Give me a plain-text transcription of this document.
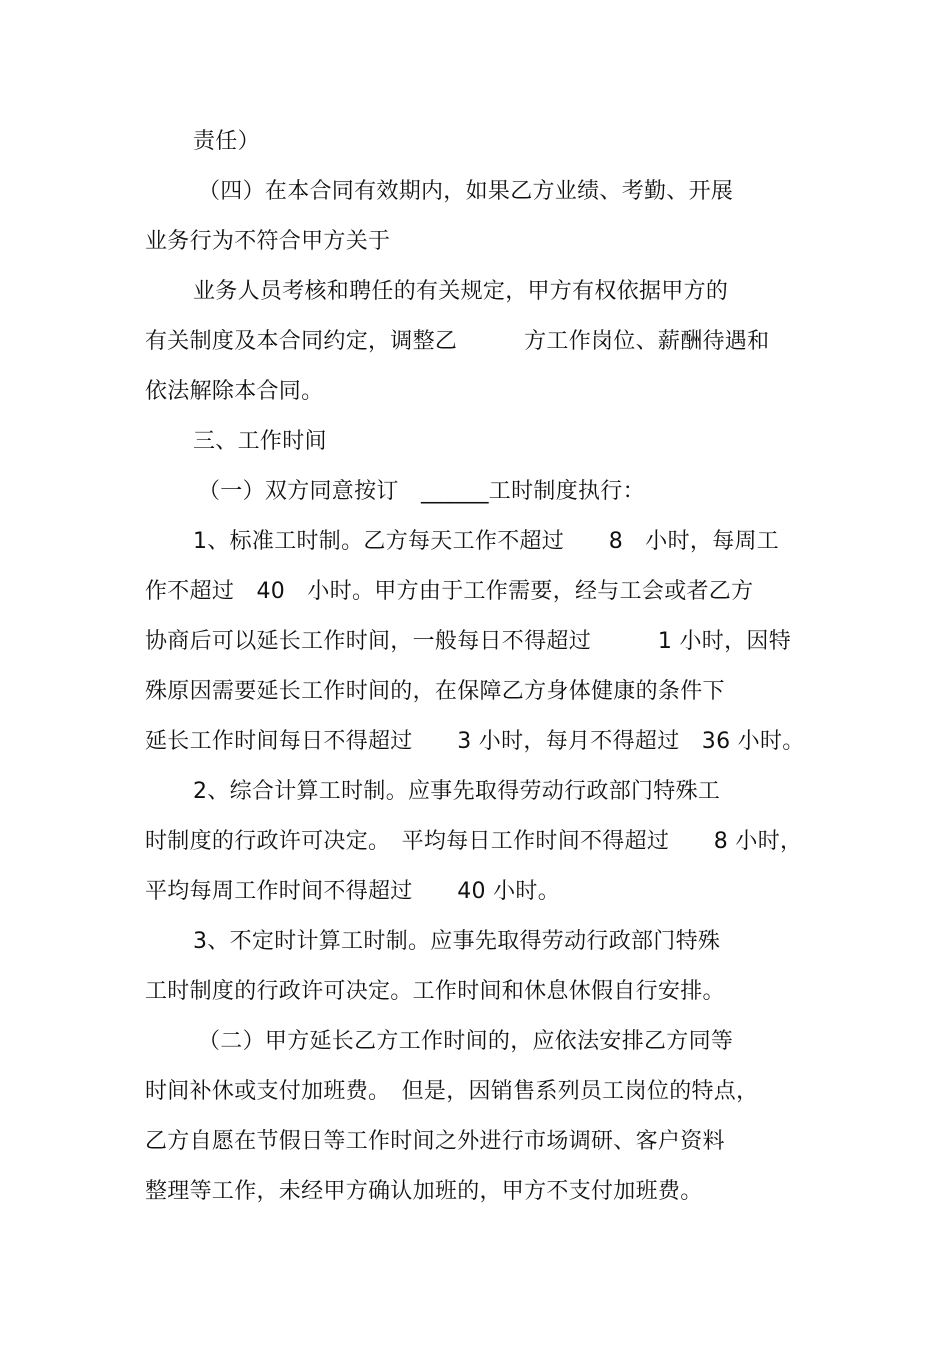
责任）
（四）在本合同有效期内，如果乙方业绩、考勤、开展
业务行为不符合甲方关于
业务人员考核和聘任的有关规定，甲方有权依据甲方的
有关制度及本合同约定，调整乙　　　方工作岗位、薪酬待遇和
依法解除本合同。
三、工作时间
（一）双方同意按订　______工时制度执行：
1、标准工时制。乙方每天工作不超过　　8　小时，每周工
作不超过　40　小时。甲方由于工作需要，经与工会或者乙方
协商后可以延长工作时间，一般每日不得超过　　　1 小时，因特
殊原因需要延长工作时间的，在保障乙方身体健康的条件下
延长工作时间每日不得超过　　3 小时，每月不得超过　36 小时。
2、综合计算工时制。应事先取得劳动行政部门特殊工
时制度的行政许可决定。　平均每日工作时间不得超过　　8 小时，
平均每周工作时间不得超过　　40 小时。
3、不定时计算工时制。应事先取得劳动行政部门特殊
工时制度的行政许可决定。工作时间和休息休假自行安排。
（二）甲方延长乙方工作时间的，应依法安排乙方同等
时间补休或支付加班费。　但是，因销售系列员工岗位的特点，
乙方自愿在节假日等工作时间之外进行市场调研、客户资料
整理等工作，未经甲方确认加班的，甲方不支付加班费。
